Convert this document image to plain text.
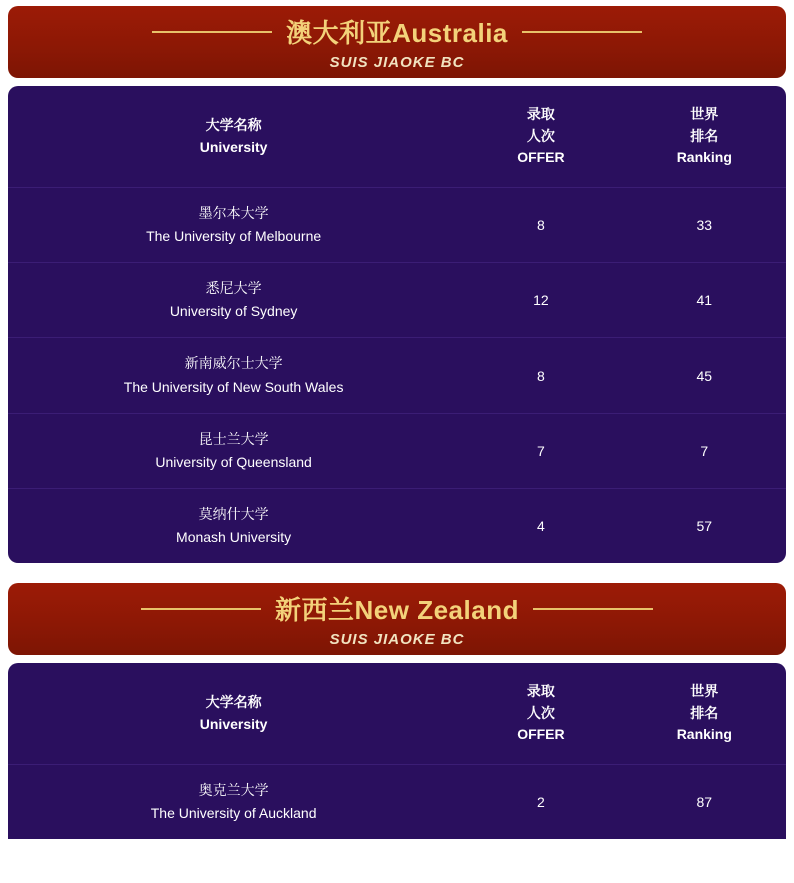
澳大利亚Australia
SUIS JIAOKE BC
大学名称
University	录取
人次
OFFER	世界
排名
Ranking

墨尔本大学
The University of Melbourne	8	33

悉尼大学
University of Sydney	12	41

新南威尔士大学
The University of New South Wales	8	45

昆士兰大学
University of Queensland	7	7

莫纳什大学
Monash University	4	57
新西兰New Zealand
SUIS JIAOKE BC
大学名称
University	录取
人次
OFFER	世界
排名
Ranking

奥克兰大学
The University of Auckland	2	87
